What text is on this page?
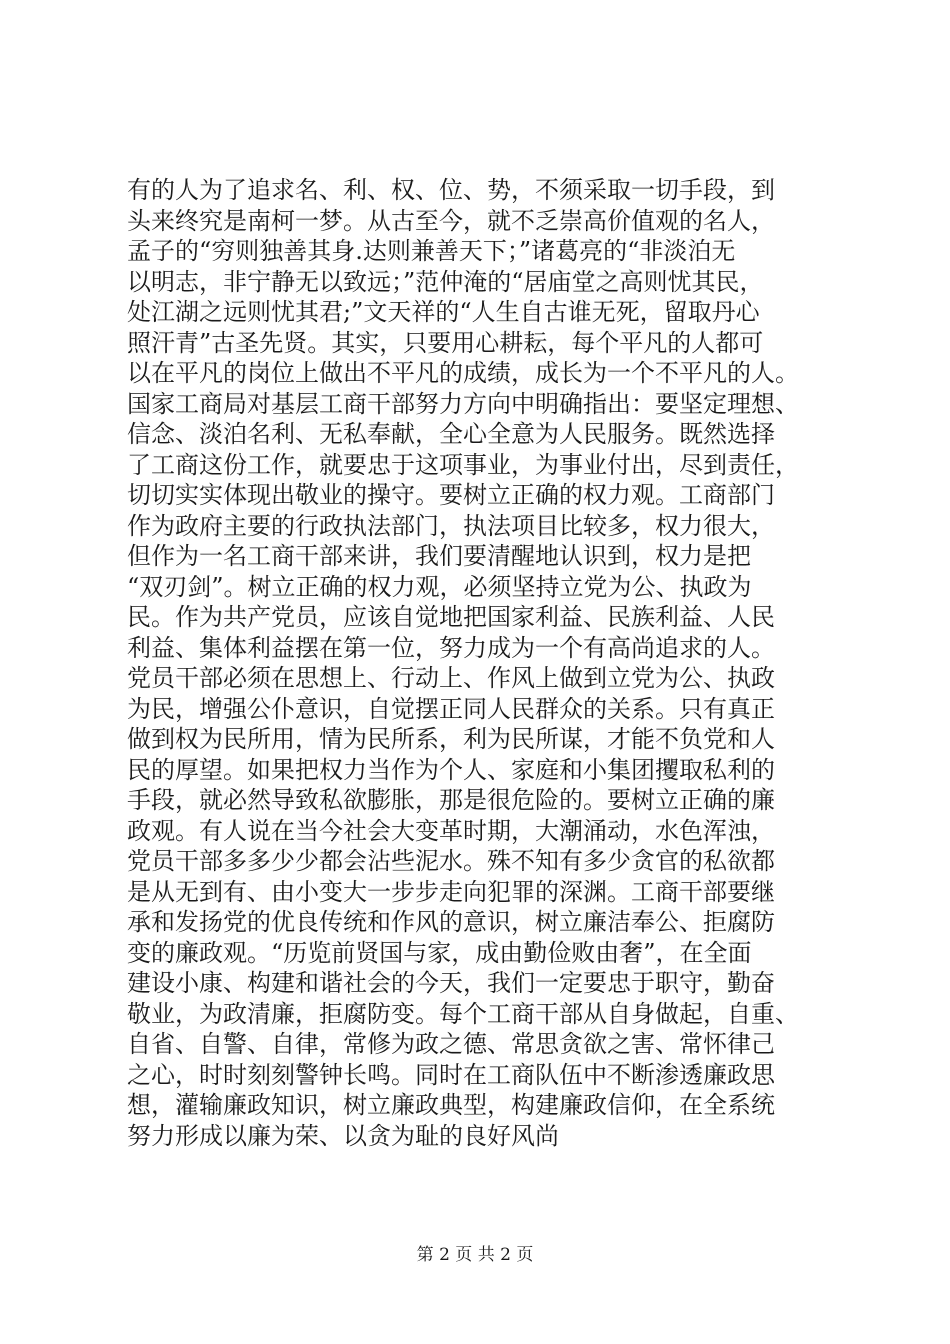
有的人为了追求名、利、权、位、势，不须采取一切手段，到
头来终究是南柯一梦。从古至今，就不乏崇高价值观的名人，
孟子的“穷则独善其身.达则兼善天下；”诸葛亮的“非淡泊无
以明志，非宁静无以致远；”范仲淹的“居庙堂之高则忧其民，
处江湖之远则忧其君;”文天祥的“人生自古谁无死，留取丹心
照汗青”古圣先贤。其实，只要用心耕耘，每个平凡的人都可
以在平凡的岗位上做出不平凡的成绩，成长为一个不平凡的人。
国家工商局对基层工商干部努力方向中明确指出：要坚定理想、
信念、淡泊名利、无私奉献，全心全意为人民服务。既然选择
了工商这份工作，就要忠于这项事业，为事业付出，尽到责任，
切切实实体现出敬业的操守。要树立正确的权力观。工商部门
作为政府主要的行政执法部门，执法项目比较多，权力很大，
但作为一名工商干部来讲，我们要清醒地认识到，权力是把
“双刃剑”。树立正确的权力观，必须坚持立党为公、执政为
民。作为共产党员，应该自觉地把国家利益、民族利益、人民
利益、集体利益摆在第一位，努力成为一个有高尚追求的人。
党员干部必须在思想上、行动上、作风上做到立党为公、执政
为民，增强公仆意识，自觉摆正同人民群众的关系。只有真正
做到权为民所用，情为民所系，利为民所谋，才能不负党和人
民的厚望。如果把权力当作为个人、家庭和小集团攫取私利的
手段，就必然导致私欲膨胀，那是很危险的。要树立正确的廉
政观。有人说在当今社会大变革时期，大潮涌动，水色浑浊，
党员干部多多少少都会沾些泥水。殊不知有多少贪官的私欲都
是从无到有、由小变大一步步走向犯罪的深渊。工商干部要继
承和发扬党的优良传统和作风的意识，树立廉洁奉公、拒腐防
变的廉政观。“历览前贤国与家，成由勤俭败由奢”，在全面
建设小康、构建和谐社会的今天，我们一定要忠于职守，勤奋
敬业，为政清廉，拒腐防变。每个工商干部从自身做起，自重、
自省、自警、自律，常修为政之德、常思贪欲之害、常怀律己
之心，时时刻刻警钟长鸣。同时在工商队伍中不断渗透廉政思
想，灌输廉政知识，树立廉政典型，构建廉政信仰，在全系统
努力形成以廉为荣、以贪为耻的良好风尚
第 2 页 共 2 页
